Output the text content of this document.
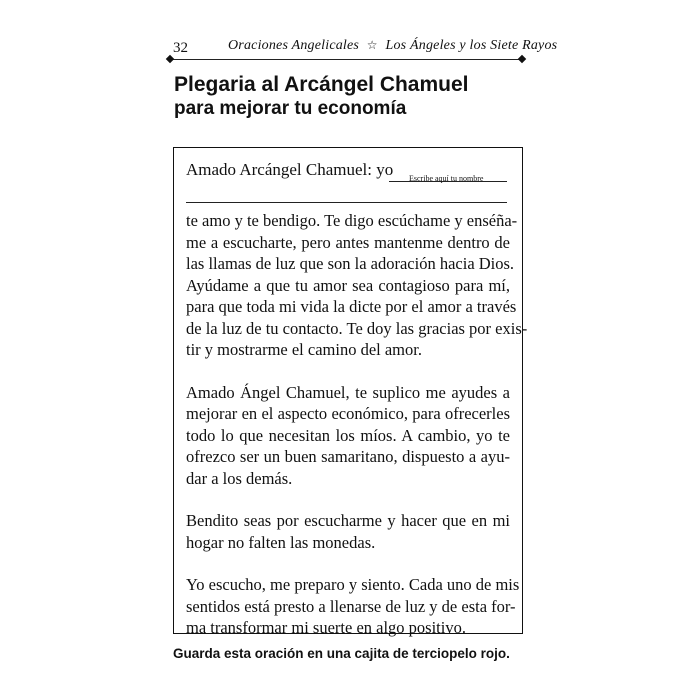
32	Oraciones Angelicales ☆ Los Ángeles y los Siete Rayos
Plegaria al Arcángel Chamuel
para mejorar tu economía
Amado Arcángel Chamuel: yo Escribe aquí tu nombre

te amo y te bendigo. Te digo escúchame y enséña-
me a escucharte, pero antes mantenme dentro de
las llamas de luz que son la adoración hacia Dios.
Ayúdame a que tu amor sea contagioso para mí,
para que toda mi vida la dicte por el amor a través
de la luz de tu contacto. Te doy las gracias por exis-
tir y mostrarme el camino del amor.

Amado Ángel Chamuel, te suplico me ayudes a
mejorar en el aspecto económico, para ofrecerles
todo lo que necesitan los míos. A cambio, yo te
ofrezco ser un buen samaritano, dispuesto a ayu-
dar a los demás.

Bendito seas por escucharme y hacer que en mi
hogar no falten las monedas.

Yo escucho, me preparo y siento. Cada uno de mis
sentidos está presto a llenarse de luz y de esta for-
ma transformar mi suerte en algo positivo.

Guarda esta oración en una cajita de terciopelo rojo.
